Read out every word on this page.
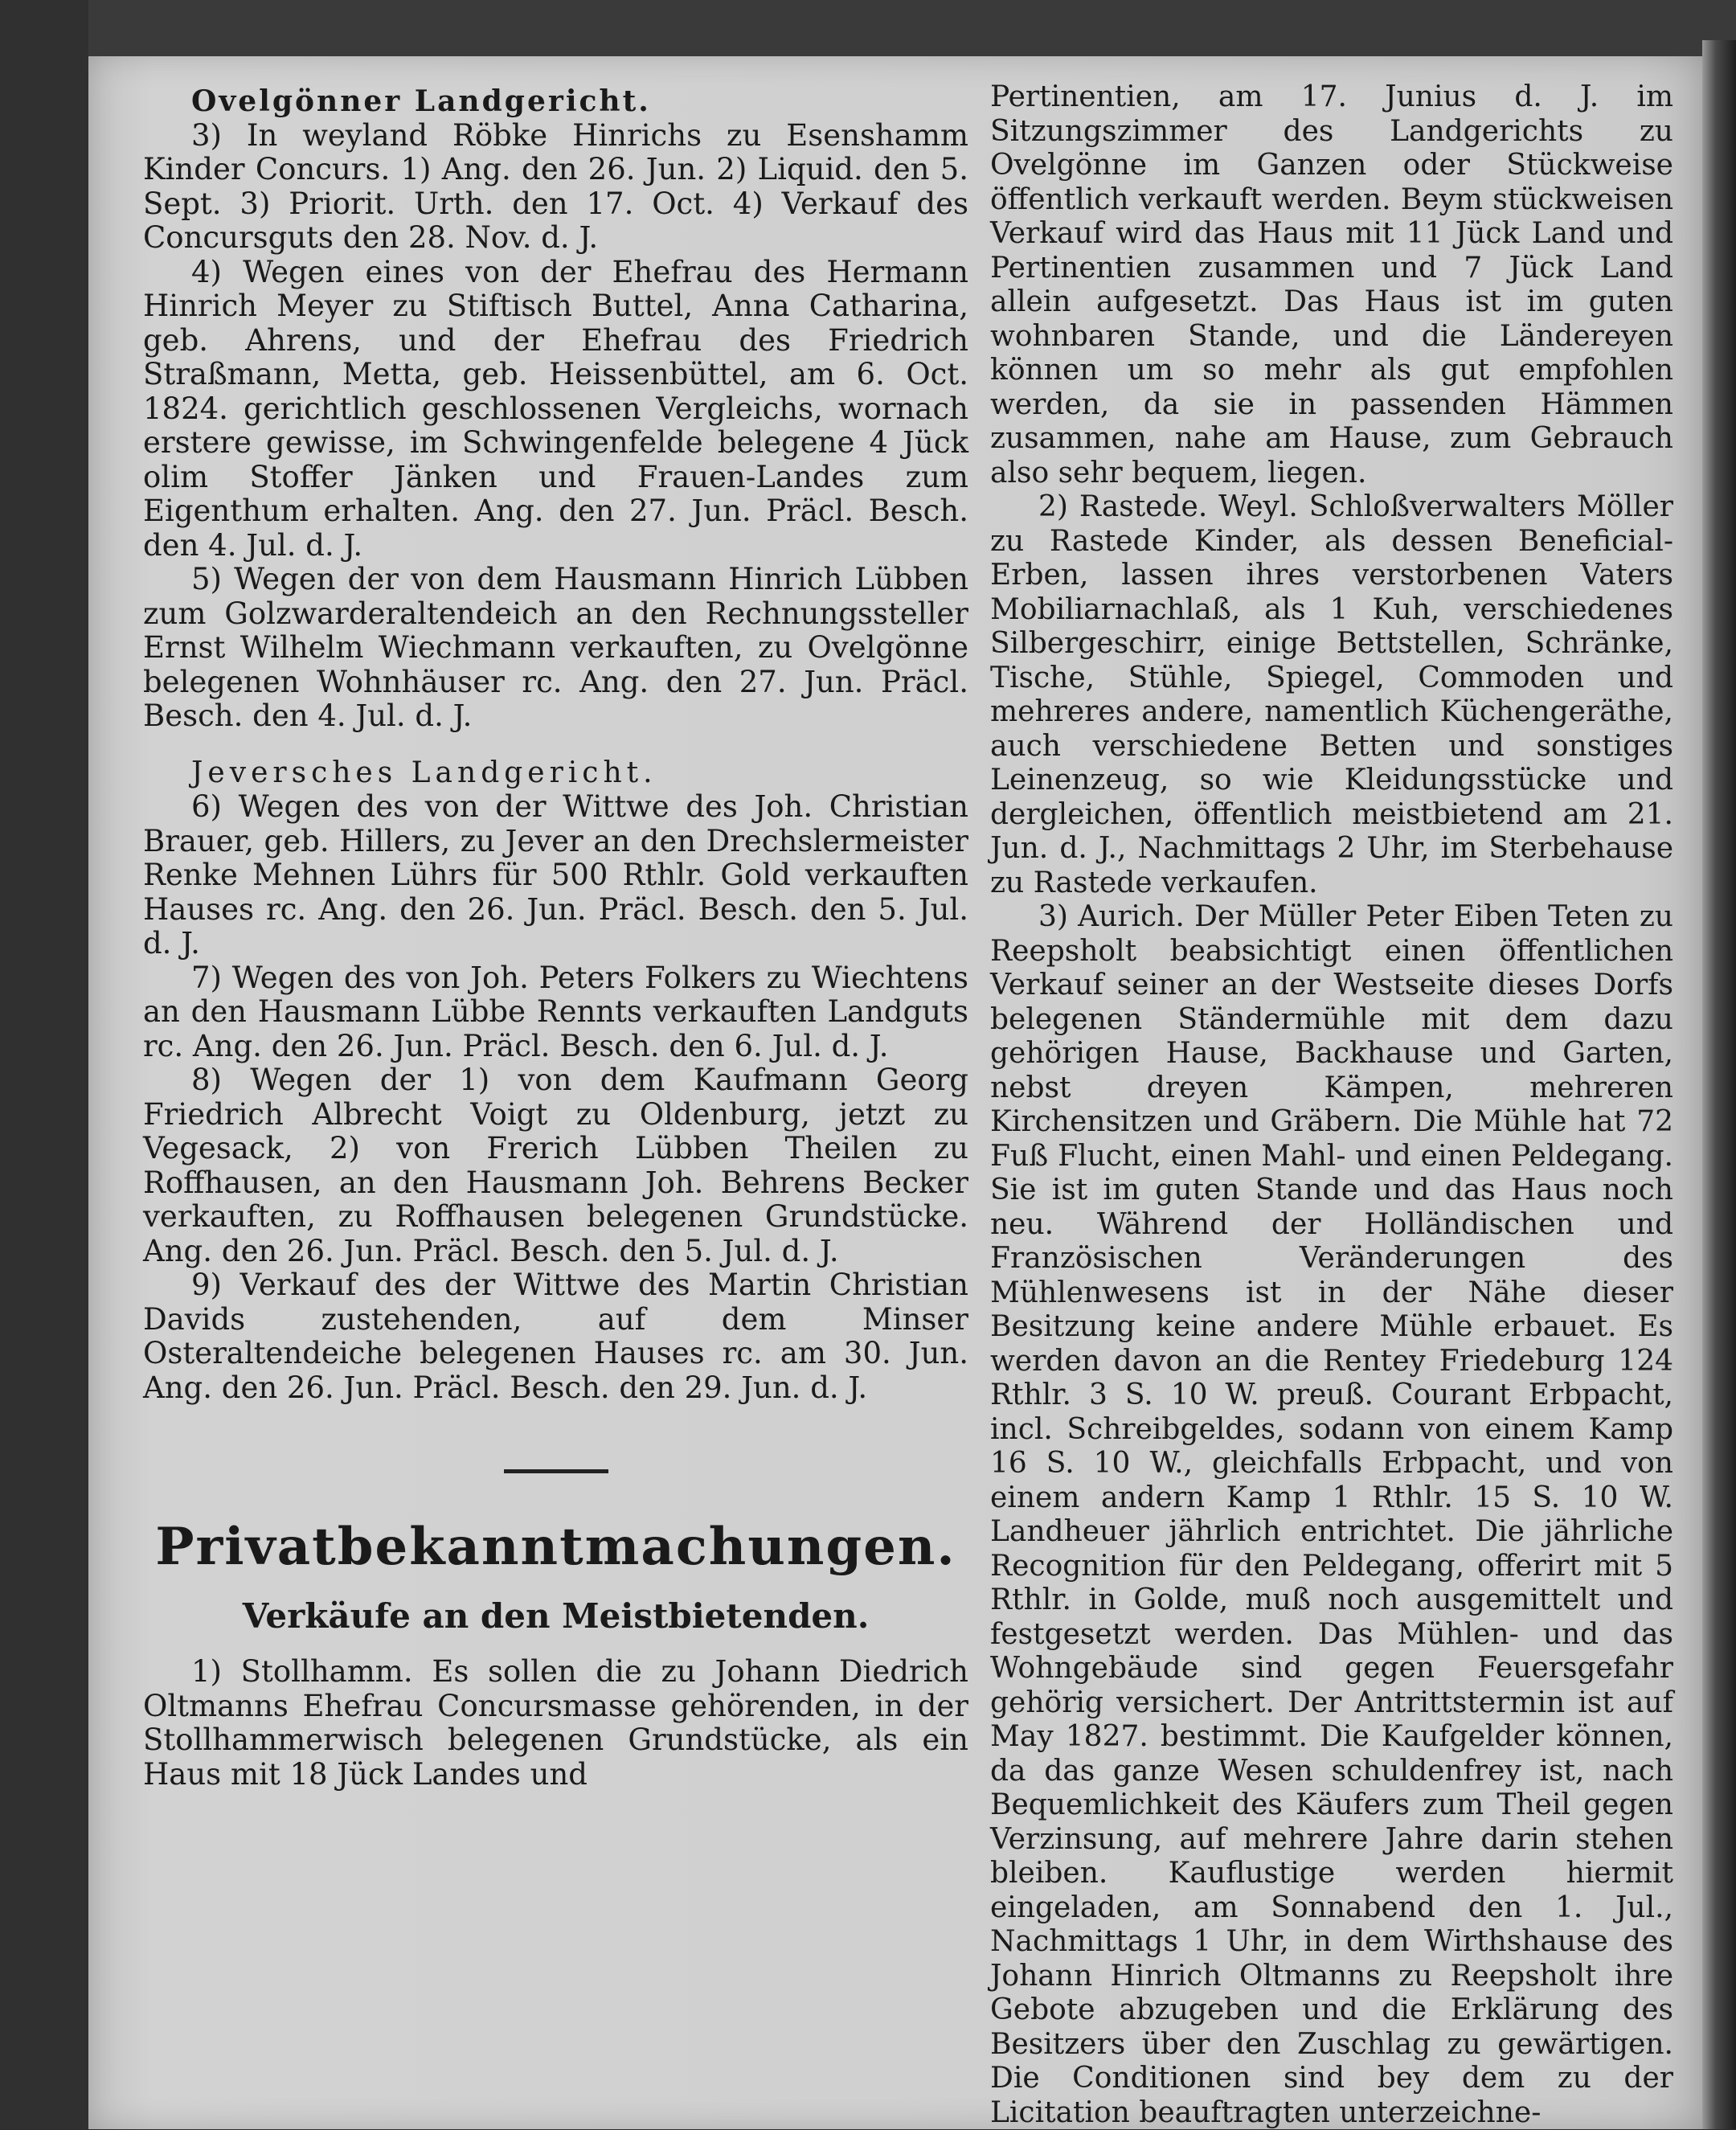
Ovelgönner Landgericht.

3) In weyland Röbke Hinrichs zu Esenshamm Kinder Concurs. 1) Ang. den 26. Jun. 2) Liquid. den 5. Sept. 3) Priorit. Urth. den 17. Oct. 4) Verkauf des Concursguts den 28. Nov. d. J.

4) Wegen eines von der Ehefrau des Hermann Hinrich Meyer zu Stiftisch Buttel, Anna Catharina, geb. Ahrens, und der Ehefrau des Friedrich Straßmann, Metta, geb. Heissenbüttel, am 6. Oct. 1824. gerichtlich geschlossenen Vergleichs, wornach erstere gewisse, im Schwingenfelde belegene 4 Jück olim Stoffer Jänken und Frauen-Landes zum Eigenthum erhalten. Ang. den 27. Jun. Präcl. Besch. den 4. Jul. d. J.

5) Wegen der von dem Hausmann Hinrich Lübben zum Golzwarderaltendeich an den Rechnungssteller Ernst Wilhelm Wiechmann verkauften, zu Ovelgönne belegenen Wohnhäuser rc. Ang. den 27. Jun. Präcl. Besch. den 4. Jul. d. J.

Jeversches Landgericht.

6) Wegen des von der Wittwe des Joh. Christian Brauer, geb. Hillers, zu Jever an den Drechslermeister Renke Mehnen Lührs für 500 Rthlr. Gold verkauften Hauses rc. Ang. den 26. Jun. Präcl. Besch. den 5. Jul. d. J.

7) Wegen des von Joh. Peters Folkers zu Wiechtens an den Hausmann Lübbe Rennts verkauften Landguts rc. Ang. den 26. Jun. Präcl. Besch. den 6. Jul. d. J.

8) Wegen der 1) von dem Kaufmann Georg Friedrich Albrecht Voigt zu Oldenburg, jetzt zu Vegesack, 2) von Frerich Lübben Theilen zu Roffhausen, an den Hausmann Joh. Behrens Becker verkauften, zu Roffhausen belegenen Grundstücke. Ang. den 26. Jun. Präcl. Besch. den 5. Jul. d. J.

9) Verkauf des der Wittwe des Martin Christian Davids zustehenden, auf dem Minser Osteraltendeiche belegenen Hauses rc. am 30. Jun. Ang. den 26. Jun. Präcl. Besch. den 29. Jun. d. J.

Privatbekanntmachungen.
Verkäufe an den Meistbietenden.

1) Stollhamm. Es sollen die zu Johann Diedrich Oltmanns Ehefrau Concursmasse gehörenden, in der Stollhammerwisch belegenen Grundstücke, als ein Haus mit 18 Jück Landes und

Pertinentien, am 17. Junius d. J. im Sitzungszimmer des Landgerichts zu Ovelgönne im Ganzen oder Stückweise öffentlich verkauft werden. Beym stückweisen Verkauf wird das Haus mit 11 Jück Land und Pertinentien zusammen und 7 Jück Land allein aufgesetzt. Das Haus ist im guten wohnbaren Stande, und die Ländereyen können um so mehr als gut empfohlen werden, da sie in passenden Hämmen zusammen, nahe am Hause, zum Gebrauch also sehr bequem, liegen.

2) Rastede. Weyl. Schloßverwalters Möller zu Rastede Kinder, als dessen Beneficial-Erben, lassen ihres verstorbenen Vaters Mobiliarnachlaß, als 1 Kuh, verschiedenes Silbergeschirr, einige Bettstellen, Schränke, Tische, Stühle, Spiegel, Commoden und mehreres andere, namentlich Küchengeräthe, auch verschiedene Betten und sonstiges Leinenzeug, so wie Kleidungsstücke und dergleichen, öffentlich meistbietend am 21. Jun. d. J., Nachmittags 2 Uhr, im Sterbehause zu Rastede verkaufen.

3) Aurich. Der Müller Peter Eiben Teten zu Reepsholt beabsichtigt einen öffentlichen Verkauf seiner an der Westseite dieses Dorfs belegenen Ständermühle mit dem dazu gehörigen Hause, Backhause und Garten, nebst dreyen Kämpen, mehreren Kirchensitzen und Gräbern. Die Mühle hat 72 Fuß Flucht, einen Mahl- und einen Peldegang. Sie ist im guten Stande und das Haus noch neu. Während der Holländischen und Französischen Veränderungen des Mühlenwesens ist in der Nähe dieser Besitzung keine andere Mühle erbauet. Es werden davon an die Rentey Friedeburg 124 Rthlr. 3 S. 10 W. preuß. Courant Erbpacht, incl. Schreibgeldes, sodann von einem Kamp 16 S. 10 W., gleichfalls Erbpacht, und von einem andern Kamp 1 Rthlr. 15 S. 10 W. Landheuer jährlich entrichtet. Die jährliche Recognition für den Peldegang, offerirt mit 5 Rthlr. in Golde, muß noch ausgemittelt und festgesetzt werden. Das Mühlen- und das Wohngebäude sind gegen Feuersgefahr gehörig versichert. Der Antrittstermin ist auf May 1827. bestimmt. Die Kaufgelder können, da das ganze Wesen schuldenfrey ist, nach Bequemlichkeit des Käufers zum Theil gegen Verzinsung, auf mehrere Jahre darin stehen bleiben. Kauflustige werden hiermit eingeladen, am Sonnabend den 1. Jul., Nachmittags 1 Uhr, in dem Wirthshause des Johann Hinrich Oltmanns zu Reepsholt ihre Gebote abzugeben und die Erklärung des Besitzers über den Zuschlag zu gewärtigen. Die Conditionen sind bey dem zu der Licitation beauftragten unterzeichne-
